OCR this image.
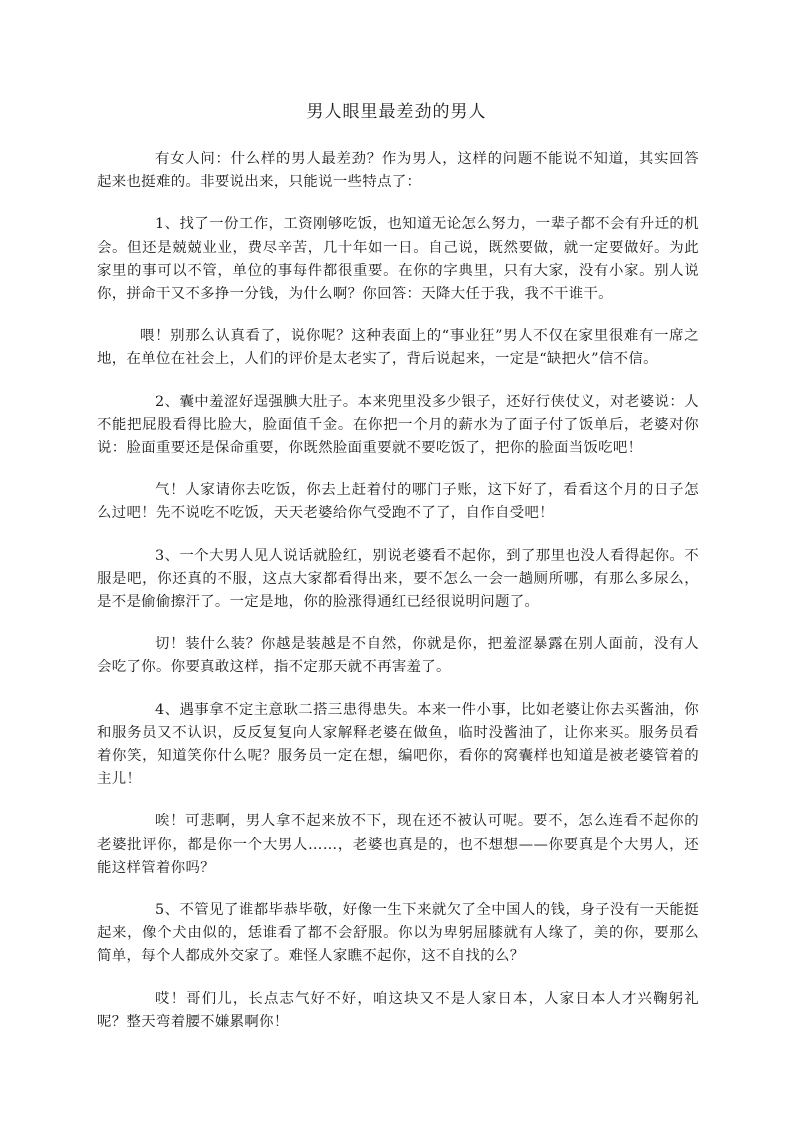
男人眼里最差劲的男人

有女人问：什么样的男人最差劲？作为男人，这样的问题不能说不知道，其实回答起来也挺难的。非要说出来，只能说一些特点了：

1、找了一份工作，工资刚够吃饭，也知道无论怎么努力，一辈子都不会有升迁的机会。但还是兢兢业业，费尽辛苦，几十年如一日。自己说，既然要做，就一定要做好。为此家里的事可以不管，单位的事每件都很重要。在你的字典里，只有大家，没有小家。别人说你，拼命干又不多挣一分钱，为什么啊？你回答：天降大任于我，我不干谁干。

喂！别那么认真看了，说你呢？这种表面上的“事业狂”男人不仅在家里很难有一席之地，在单位在社会上，人们的评价是太老实了，背后说起来，一定是“缺把火”信不信。

2、囊中羞涩好逞强腆大肚子。本来兜里没多少银子，还好行侠仗义，对老婆说：人不能把屁股看得比脸大，脸面值千金。在你把一个月的薪水为了面子付了饭单后，老婆对你说：脸面重要还是保命重要，你既然脸面重要就不要吃饭了，把你的脸面当饭吃吧！

气！人家请你去吃饭，你去上赶着付的哪门子账，这下好了，看看这个月的日子怎么过吧！先不说吃不吃饭，天天老婆给你气受跑不了了，自作自受吧！

3、一个大男人见人说话就脸红，别说老婆看不起你，到了那里也没人看得起你。不服是吧，你还真的不服，这点大家都看得出来，要不怎么一会一趟厕所哪，有那么多尿么，是不是偷偷擦汗了。一定是地，你的脸涨得通红已经很说明问题了。

切！装什么装？你越是装越是不自然，你就是你，把羞涩暴露在别人面前，没有人会吃了你。你要真敢这样，指不定那天就不再害羞了。

4、遇事拿不定主意耿二搭三患得患失。本来一件小事，比如老婆让你去买酱油，你和服务员又不认识，反反复复向人家解释老婆在做鱼，临时没酱油了，让你来买。服务员看着你笑，知道笑你什么呢？服务员一定在想，编吧你，看你的窝囊样也知道是被老婆管着的主儿！

唉！可悲啊，男人拿不起来放不下，现在还不被认可呢。要不，怎么连看不起你的老婆批评你，都是你一个大男人……，老婆也真是的，也不想想——你要真是个大男人，还能这样管着你吗？

5、不管见了谁都毕恭毕敬，好像一生下来就欠了全中国人的钱，身子没有一天能挺起来，像个犬由似的，恁谁看了都不会舒服。你以为卑躬屈膝就有人缘了，美的你，要那么简单，每个人都成外交家了。难怪人家瞧不起你，这不自找的么？

哎！哥们儿，长点志气好不好，咱这块又不是人家日本，人家日本人才兴鞠躬礼呢？整天弯着腰不嫌累啊你！
